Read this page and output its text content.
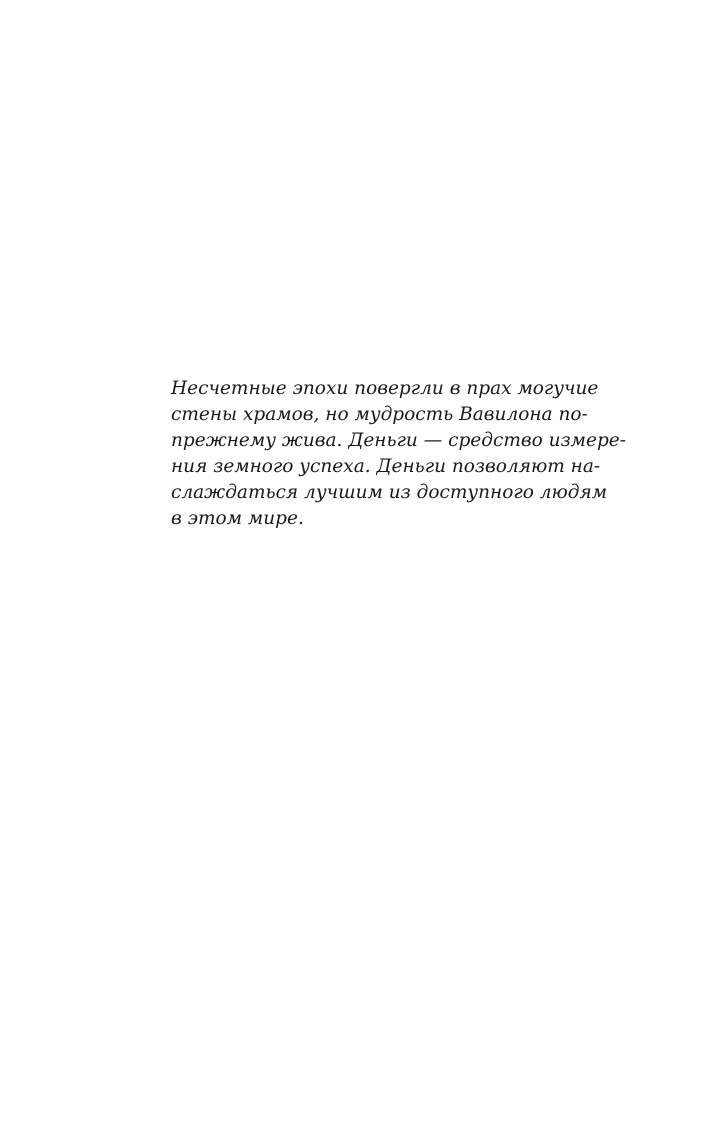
Несчетные эпохи повергли в прах могучие
стены храмов, но мудрость Вавилона по-
прежнему жива. Деньги — средство измере-
ния земного успеха. Деньги позволяют на-
слаждаться лучшим из доступного людям
в этом мире.
